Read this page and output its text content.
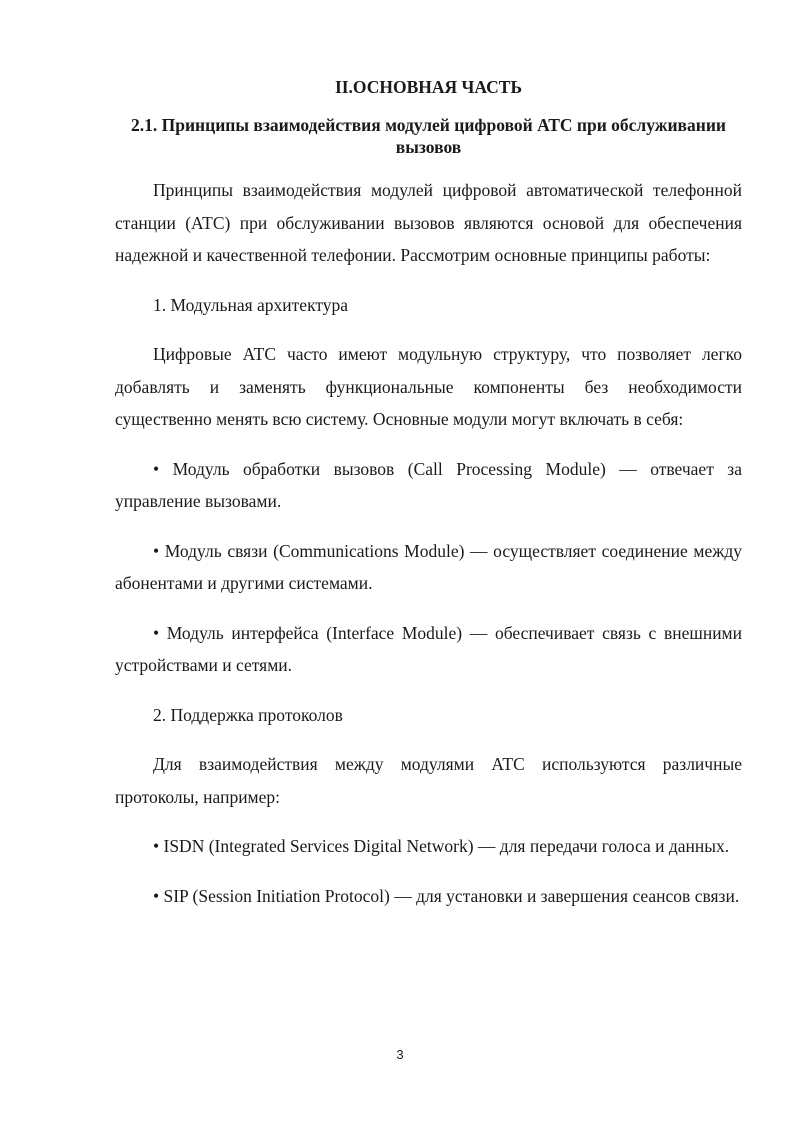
II.ОСНОВНАЯ ЧАСТЬ
2.1. Принципы взаимодействия модулей цифровой АТС при обслуживании вызовов
Принципы взаимодействия модулей цифровой автоматической телефонной станции (АТС) при обслуживании вызовов являются основой для обеспечения надежной и качественной телефонии. Рассмотрим основные принципы работы:
1. Модульная архитектура
Цифровые АТС часто имеют модульную структуру, что позволяет легко добавлять и заменять функциональные компоненты без необходимости существенно менять всю систему. Основные модули могут включать в себя:
• Модуль обработки вызовов (Call Processing Module) — отвечает за управление вызовами.
• Модуль связи (Communications Module) — осуществляет соединение между абонентами и другими системами.
• Модуль интерфейса (Interface Module) — обеспечивает связь с внешними устройствами и сетями.
2. Поддержка протоколов
Для взаимодействия между модулями АТС используются различные протоколы, например:
• ISDN (Integrated Services Digital Network) — для передачи голоса и данных.
• SIP (Session Initiation Protocol) — для установки и завершения сеансов связи.
3
